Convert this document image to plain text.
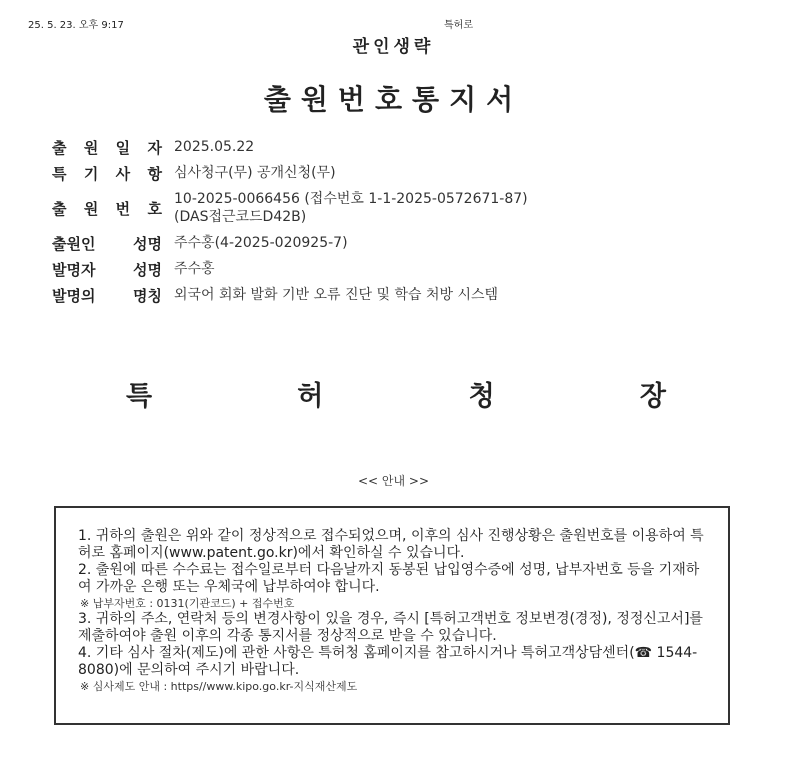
25. 5. 23. 오후 9:17	특허로
관인생략
출원번호통지서
출 원 일 자	2025.05.22
특 기 사 항	심사청구(무) 공개신청(무)
출 원 번 호	10-2025-0066456 (접수번호 1-1-2025-0572671-87)
(DAS접근코드D42B)

출원인 성명	주수홍(4-2025-020925-7)
발명자 성명	주수홍
발명의 명칭	외국어 회화 발화 기반 오류 진단 및 학습 처방 시스템
특	허	청	장
<< 안내 >>

1. 귀하의 출원은 위와 같이 정상적으로 접수되었으며, 이후의 심사 진행상황은 출원번호를 이용하여 특허로 홈페이지(www.patent.go.kr)에서 확인하실 수 있습니다.

2. 출원에 따른 수수료는 접수일로부터 다음날까지 동봉된 납입영수증에 성명, 납부자번호 등을 기재하여 가까운 은행 또는 우체국에 납부하여야 합니다.

※ 납부자번호 : 0131(기관코드) + 접수번호

3. 귀하의 주소, 연락처 등의 변경사항이 있을 경우, 즉시 [특허고객번호 정보변경(경정), 정정신고서]를 제출하여야 출원 이후의 각종 통지서를 정상적으로 받을 수 있습니다.

4. 기타 심사 절차(제도)에 관한 사항은 특허청 홈페이지를 참고하시거나 특허고객상담센터(☎ 1544-8080)에 문의하여 주시기 바랍니다.

※ 심사제도 안내 : https//www.kipo.go.kr-지식재산제도
